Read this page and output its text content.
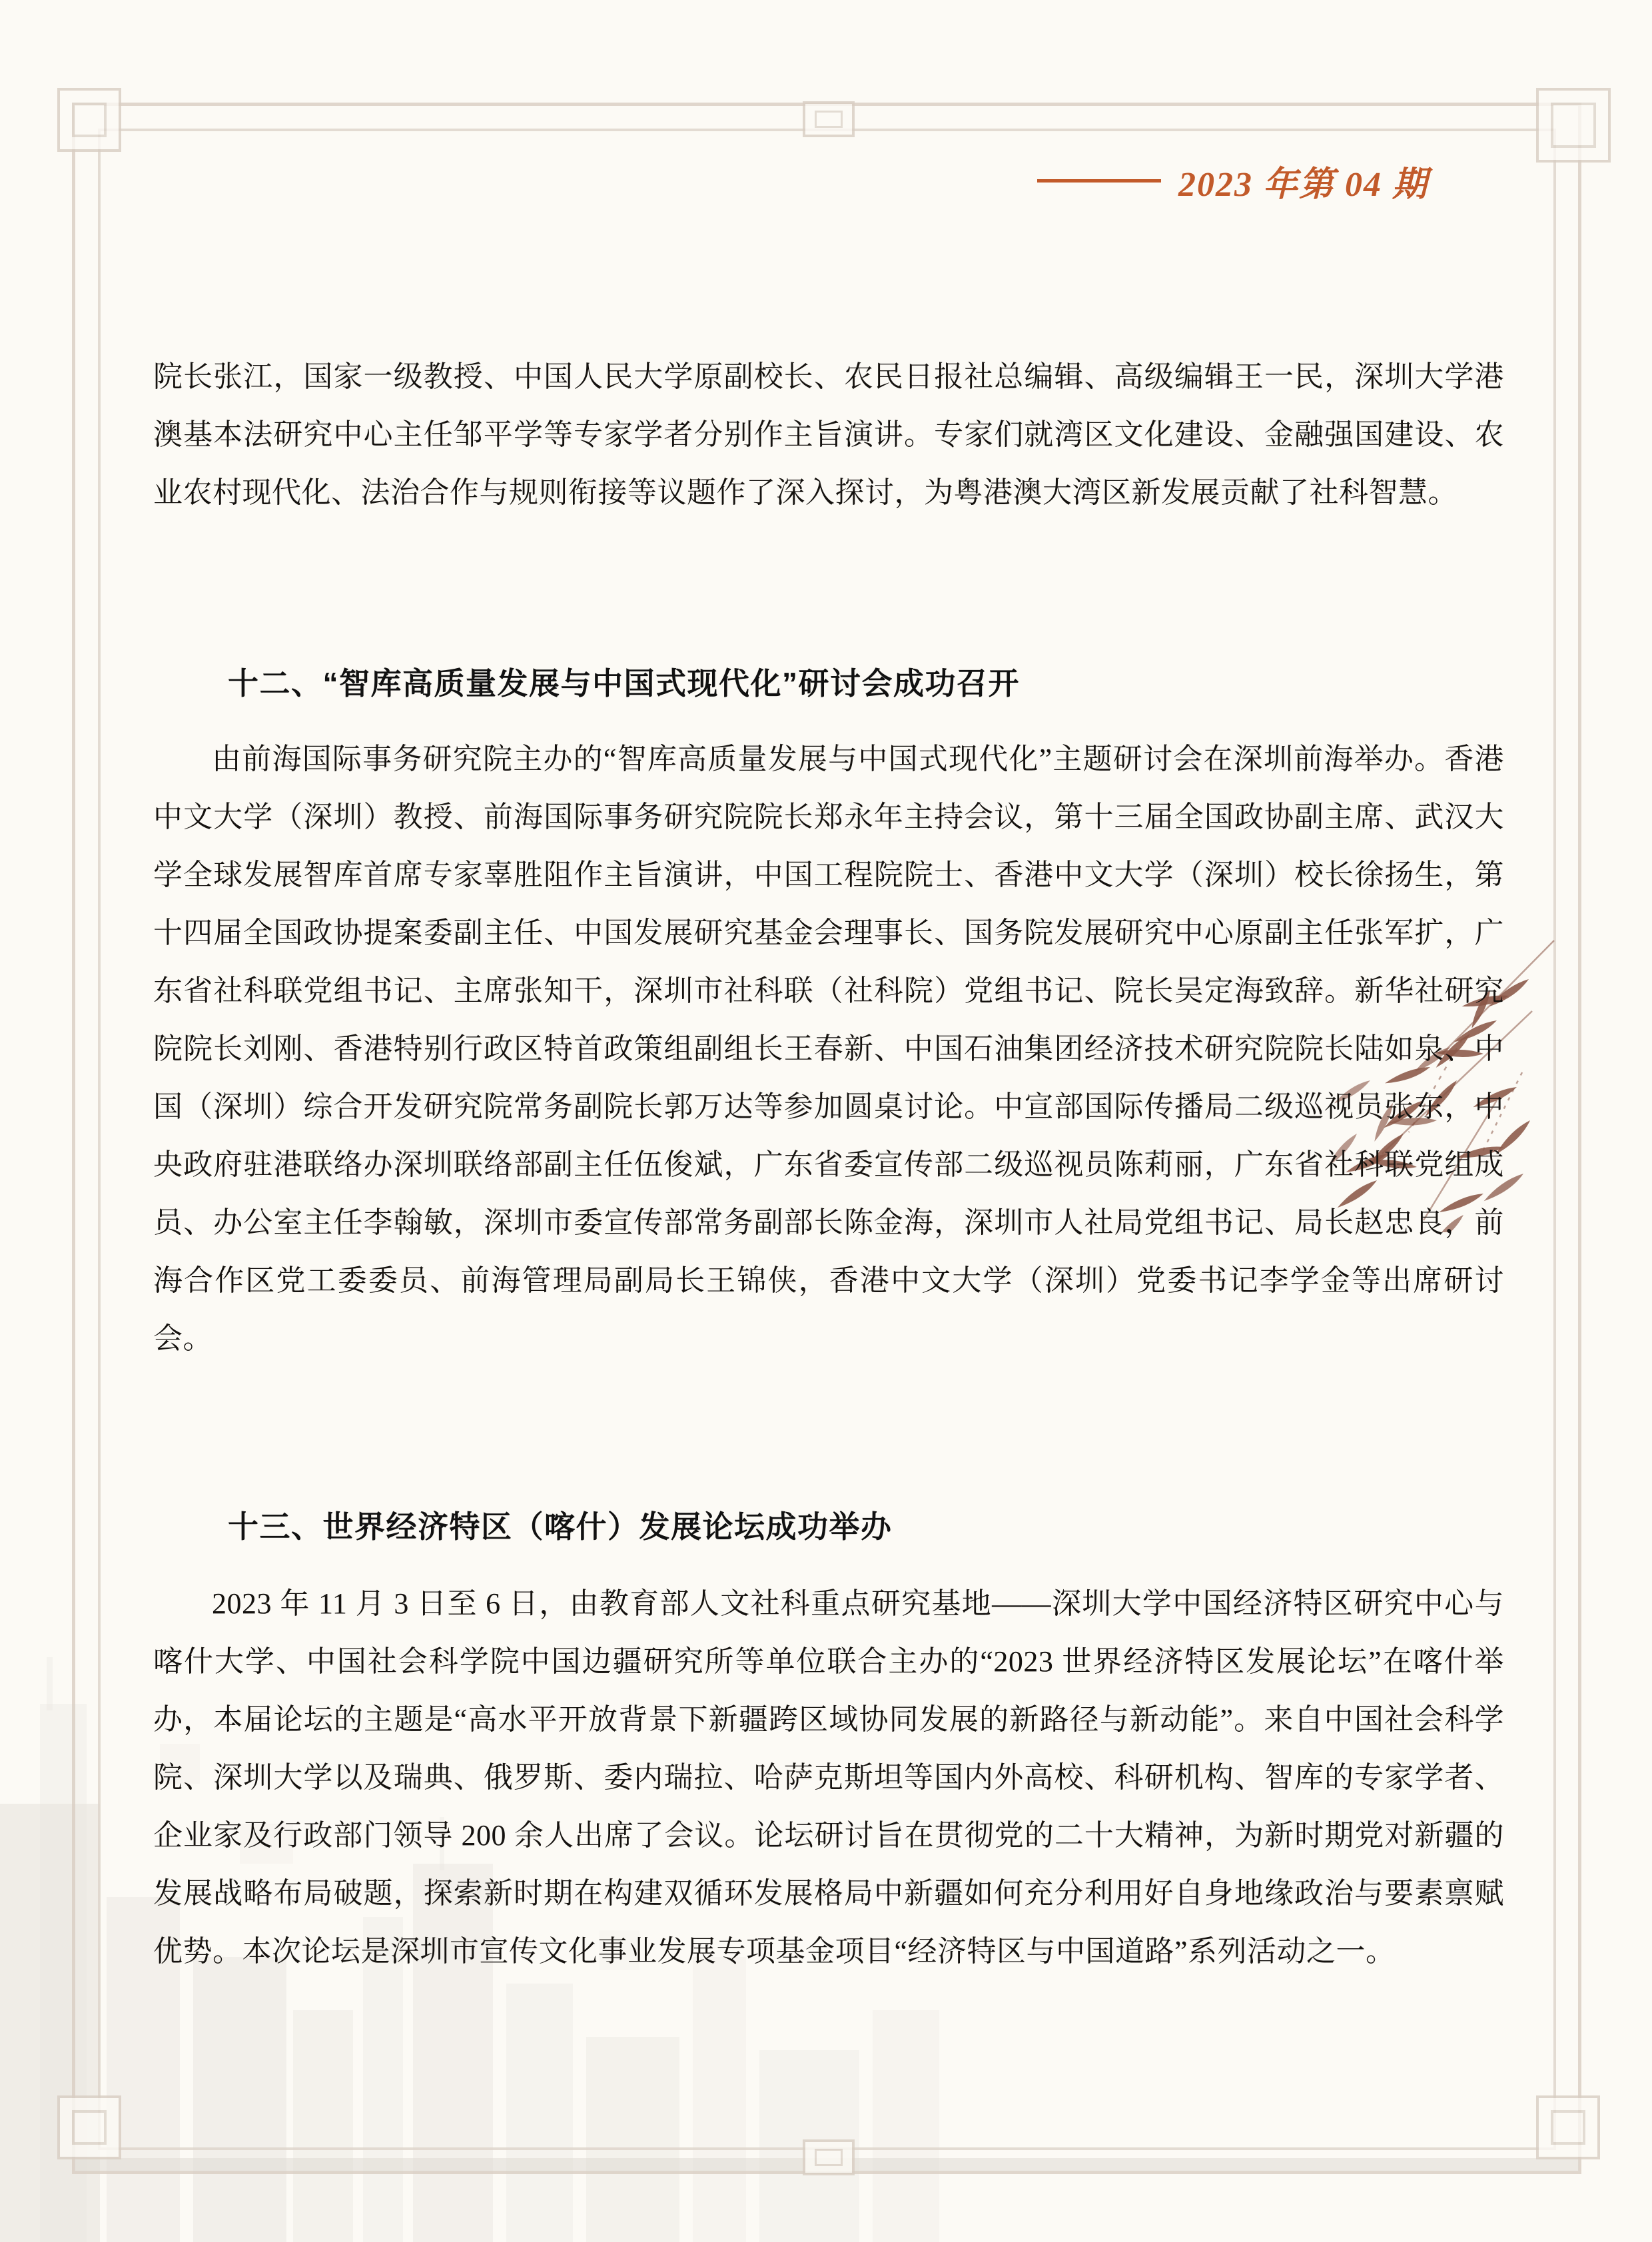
2023 年第 04 期

院长张江，国家一级教授、中国人民大学原副校长、农民日报社总编辑、高级编辑王一民，深圳大学港澳基本法研究中心主任邹平学等专家学者分别作主旨演讲。专家们就湾区文化建设、金融强国建设、农业农村现代化、法治合作与规则衔接等议题作了深入探讨，为粤港澳大湾区新发展贡献了社科智慧。

十二、“智库高质量发展与中国式现代化”研讨会成功召开

由前海国际事务研究院主办的“智库高质量发展与中国式现代化”主题研讨会在深圳前海举办。香港中文大学（深圳）教授、前海国际事务研究院院长郑永年主持会议，第十三届全国政协副主席、武汉大学全球发展智库首席专家辜胜阻作主旨演讲，中国工程院院士、香港中文大学（深圳）校长徐扬生，第十四届全国政协提案委副主任、中国发展研究基金会理事长、国务院发展研究中心原副主任张军扩，广东省社科联党组书记、主席张知干，深圳市社科联（社科院）党组书记、院长吴定海致辞。新华社研究院院长刘刚、香港特别行政区特首政策组副组长王春新、中国石油集团经济技术研究院院长陆如泉、中国（深圳）综合开发研究院常务副院长郭万达等参加圆桌讨论。中宣部国际传播局二级巡视员张东，中央政府驻港联络办深圳联络部副主任伍俊斌，广东省委宣传部二级巡视员陈莉丽，广东省社科联党组成员、办公室主任李翰敏，深圳市委宣传部常务副部长陈金海，深圳市人社局党组书记、局长赵忠良，前海合作区党工委委员、前海管理局副局长王锦侠，香港中文大学（深圳）党委书记李学金等出席研讨会。

十三、世界经济特区（喀什）发展论坛成功举办

2023 年 11 月 3 日至 6 日，由教育部人文社科重点研究基地——深圳大学中国经济特区研究中心与喀什大学、中国社会科学院中国边疆研究所等单位联合主办的“2023 世界经济特区发展论坛”在喀什举办，本届论坛的主题是“高水平开放背景下新疆跨区域协同发展的新路径与新动能”。来自中国社会科学院、深圳大学以及瑞典、俄罗斯、委内瑞拉、哈萨克斯坦等国内外高校、科研机构、智库的专家学者、企业家及行政部门领导 200 余人出席了会议。论坛研讨旨在贯彻党的二十大精神，为新时期党对新疆的发展战略布局破题，探索新时期在构建双循环发展格局中新疆如何充分利用好自身地缘政治与要素禀赋优势。本次论坛是深圳市宣传文化事业发展专项基金项目“经济特区与中国道路”系列活动之一。
